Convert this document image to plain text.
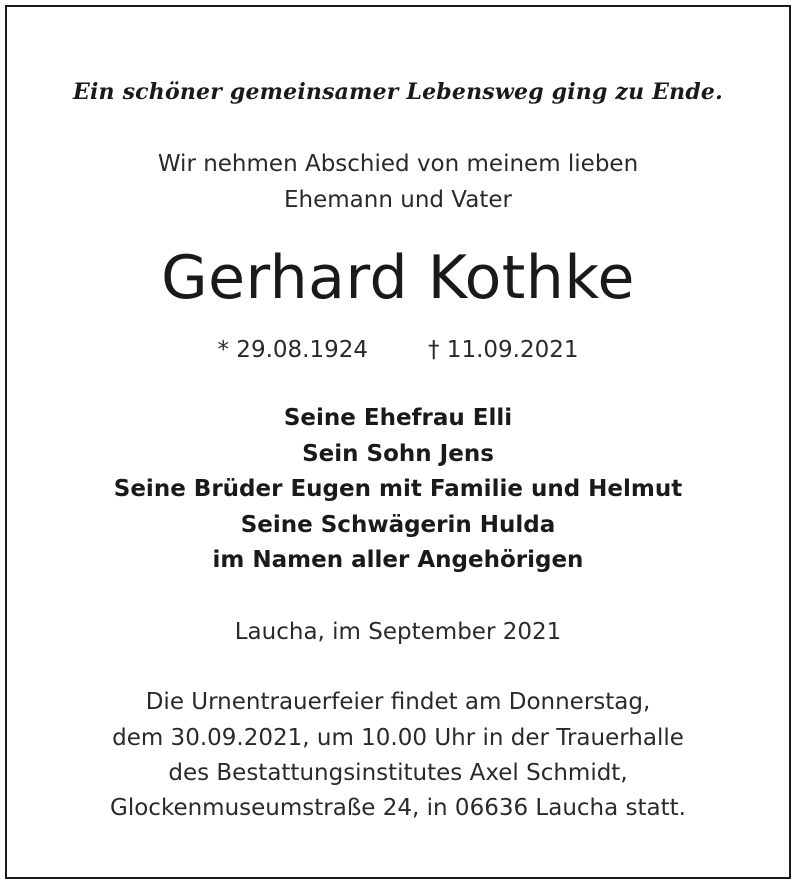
Ein schöner gemeinsamer Lebensweg ging zu Ende.
Wir nehmen Abschied von meinem lieben
Ehemann und Vater
Gerhard Kothke
* 29.08.1924	† 11.09.2021
Seine Ehefrau Elli
Sein Sohn Jens
Seine Brüder Eugen mit Familie und Helmut
Seine Schwägerin Hulda
im Namen aller Angehörigen
Laucha, im September 2021
Die Urnentrauerfeier findet am Donnerstag,
dem 30.09.2021, um 10.00 Uhr in der Trauerhalle
des Bestattungsinstitutes Axel Schmidt,
Glockenmuseumstraße 24, in 06636 Laucha statt.
